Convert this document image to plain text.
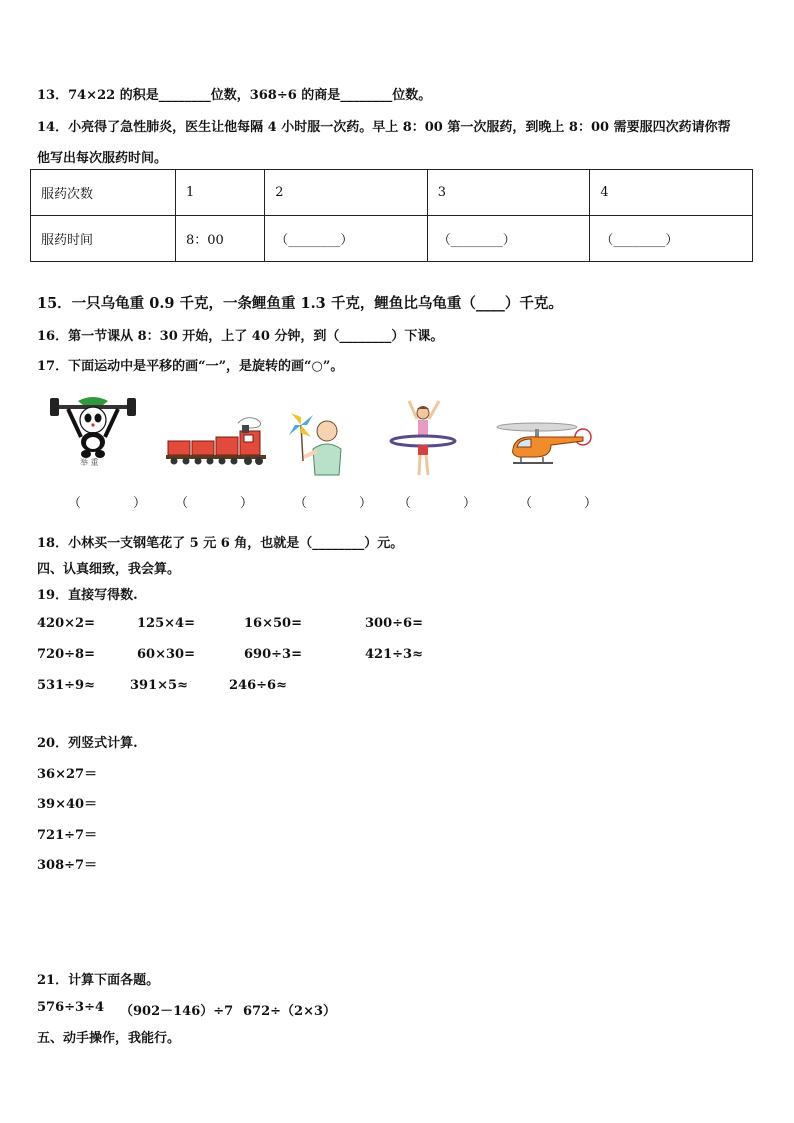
13．74×22 的积是________位数，368÷6 的商是________位数。
14．小亮得了急性肺炎，医生让他每隔 4 小时服一次药。早上 8：00 第一次服药，到晚上 8：00 需要服四次药请你帮
他写出每次服药时间。
服药次数	1	2	3	4
服药时间	8：00	（________）	（________）	（________）
15．一只乌龟重 0.9 千克，一条鲤鱼重 1.3 千克，鲤鱼比乌龟重（____）千克。
16．第一节课从 8：30 开始，上了 40 分钟，到（________）下课。
17．下面运动中是平移的画“一”，是旋转的画“○”。
举 重
（　　　　） （　　　　）	（　　　　） （　　　　）	（　　　　）
18．小林买一支钢笔花了 5 元 6 角，也就是（________）元。
四、认真细致，我会算。
19．直接写得数.
420×2=	125×4=	16×50=	300÷6=
720÷8=	60×30=	690÷3=	421÷3≈
531÷9≈	391×5≈	246÷6≈
20．列竖式计算.
36×27＝
39×40＝
721÷7＝
308÷7＝
21．计算下面各题。
576÷3÷4 （902－146）÷7 672÷（2×3）
五、动手操作，我能行。
